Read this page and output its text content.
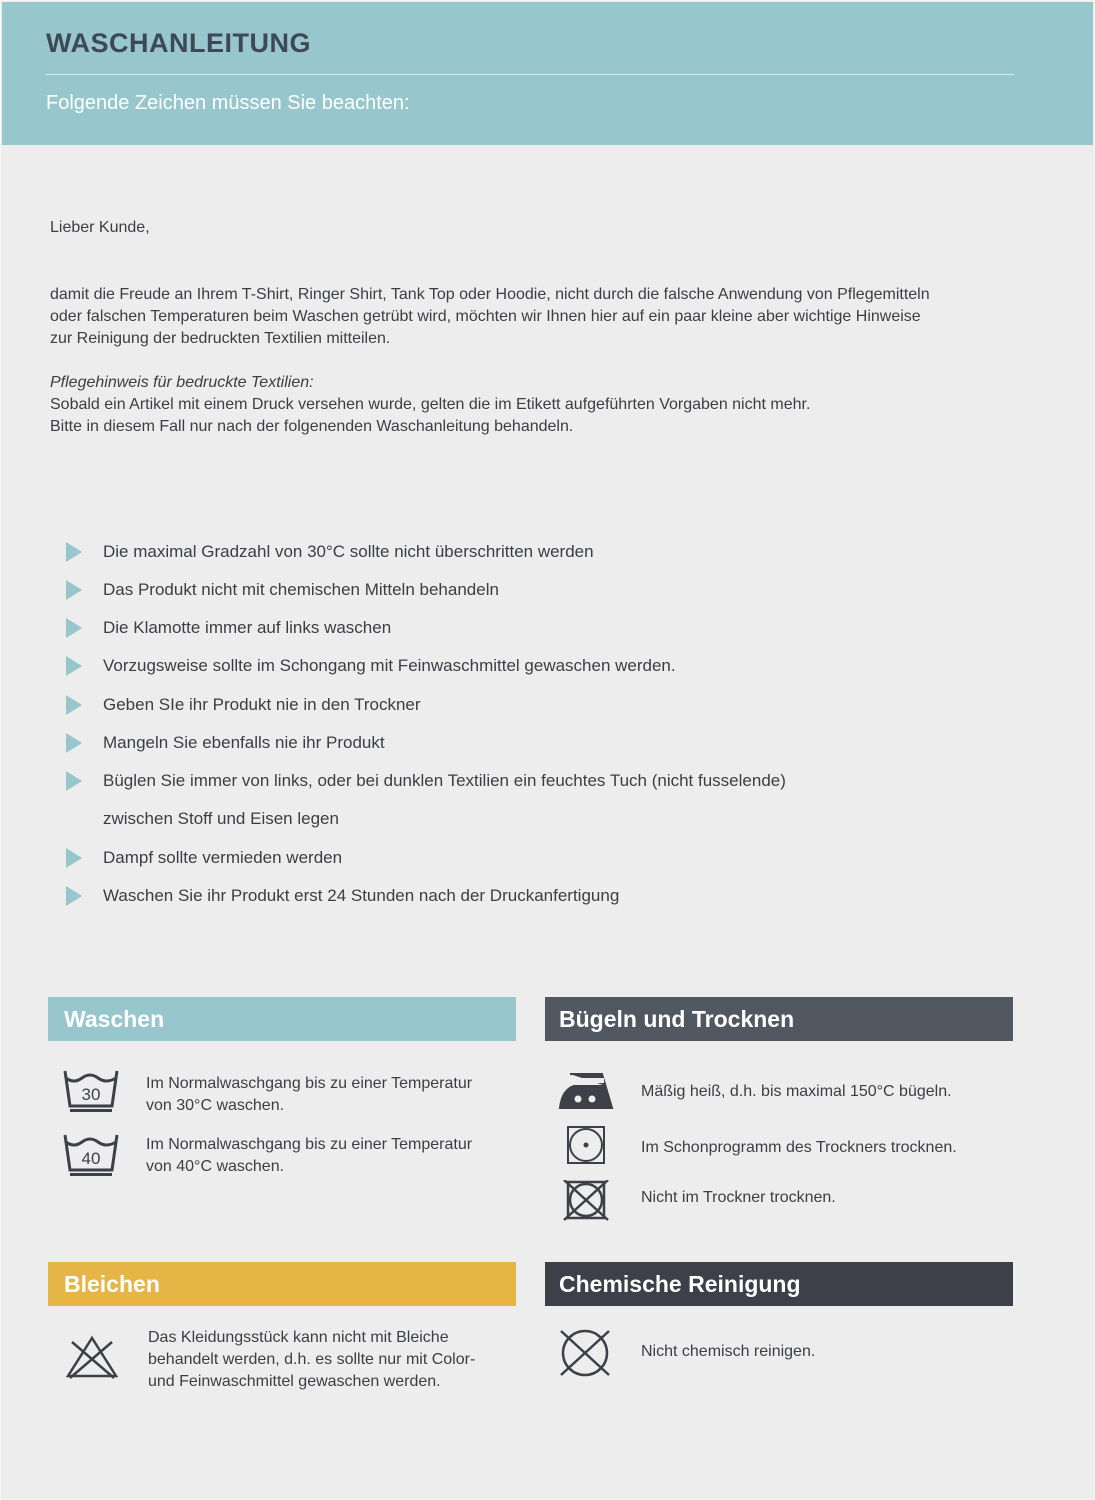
WASCHANLEITUNG
Folgende Zeichen müssen Sie beachten:
Lieber Kunde,
damit die Freude an Ihrem T-Shirt, Ringer Shirt, Tank Top oder Hoodie, nicht durch die falsche Anwendung von Pflegemitteln
oder falschen Temperaturen beim Waschen getrübt wird, möchten wir Ihnen hier auf ein paar kleine aber wichtige Hinweise
zur Reinigung der bedruckten Textilien mitteilen.
Pflegehinweis für bedruckte Textilien:
Sobald ein Artikel mit einem Druck versehen wurde, gelten die im Etikett aufgeführten Vorgaben nicht mehr.
Bitte in diesem Fall nur nach der folgenenden Waschanleitung behandeln.
Die maximal Gradzahl von 30°C sollte nicht überschritten werden
Das Produkt nicht mit chemischen Mitteln behandeln
Die Klamotte immer auf links waschen
Vorzugsweise sollte im Schongang mit Feinwaschmittel gewaschen werden.
Geben SIe ihr Produkt nie in den Trockner
Mangeln Sie ebenfalls nie ihr Produkt
Büglen Sie immer von links, oder bei dunklen Textilien ein feuchtes Tuch (nicht fusselende)
zwischen Stoff und Eisen legen
Dampf sollte vermieden werden
Waschen Sie ihr Produkt erst 24 Stunden nach der Druckanfertigung
Waschen	Bügeln und Trocknen
Bleichen	Chemische Reinigung
30
Im Normalwaschgang bis zu einer Temperatur
von 30°C waschen.
40
Im Normalwaschgang bis zu einer Temperatur
von 40°C waschen.
Mäßig heiß, d.h. bis maximal 150°C bügeln.
Im Schonprogramm des Trockners trocknen.
Nicht im Trockner trocknen.
Das Kleidungsstück kann nicht mit Bleiche
behandelt werden, d.h. es sollte nur mit Color-
und Feinwaschmittel gewaschen werden.
Nicht chemisch reinigen.
